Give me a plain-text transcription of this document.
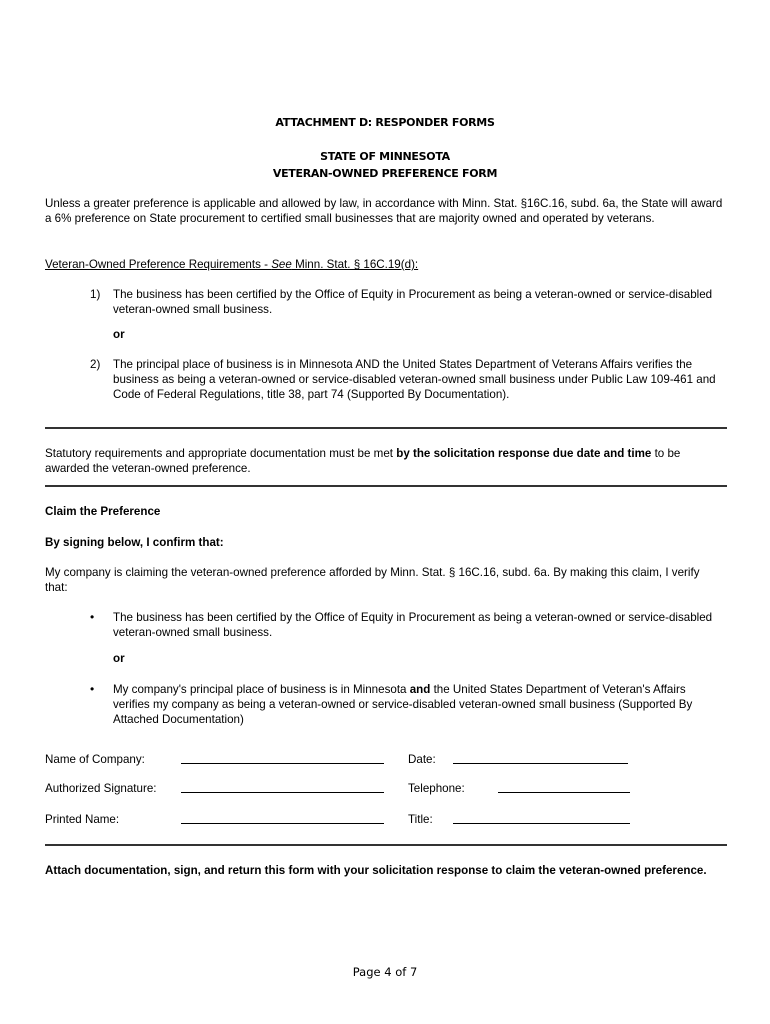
ATTACHMENT D: RESPONDER FORMS
STATE OF MINNESOTA
VETERAN-OWNED PREFERENCE FORM
Unless a greater preference is applicable and allowed by law, in accordance with Minn. Stat. §16C.16, subd. 6a, the State will award a 6% preference on State procurement to certified small businesses that are majority owned and operated by veterans.
Veteran-Owned Preference Requirements - See Minn. Stat. § 16C.19(d):
1) The business has been certified by the Office of Equity in Procurement as being a veteran-owned or service-disabled veteran-owned small business.
or
2) The principal place of business is in Minnesota AND the United States Department of Veterans Affairs verifies the business as being a veteran-owned or service-disabled veteran-owned small business under Public Law 109-461 and Code of Federal Regulations, title 38, part 74 (Supported By Documentation).
Statutory requirements and appropriate documentation must be met by the solicitation response due date and time to be awarded the veteran-owned preference.
Claim the Preference
By signing below, I confirm that:
My company is claiming the veteran-owned preference afforded by Minn. Stat. § 16C.16, subd. 6a. By making this claim, I verify that:
• The business has been certified by the Office of Equity in Procurement as being a veteran-owned or service-disabled veteran-owned small business.
or
• My company's principal place of business is in Minnesota and the United States Department of Veteran's Affairs verifies my company as being a veteran-owned or service-disabled veteran-owned small business (Supported By Attached Documentation)
Name of Company:	Date:
Authorized Signature:	Telephone:
Printed Name:	Title:
Attach documentation, sign, and return this form with your solicitation response to claim the veteran-owned preference.
Page 4 of 7
